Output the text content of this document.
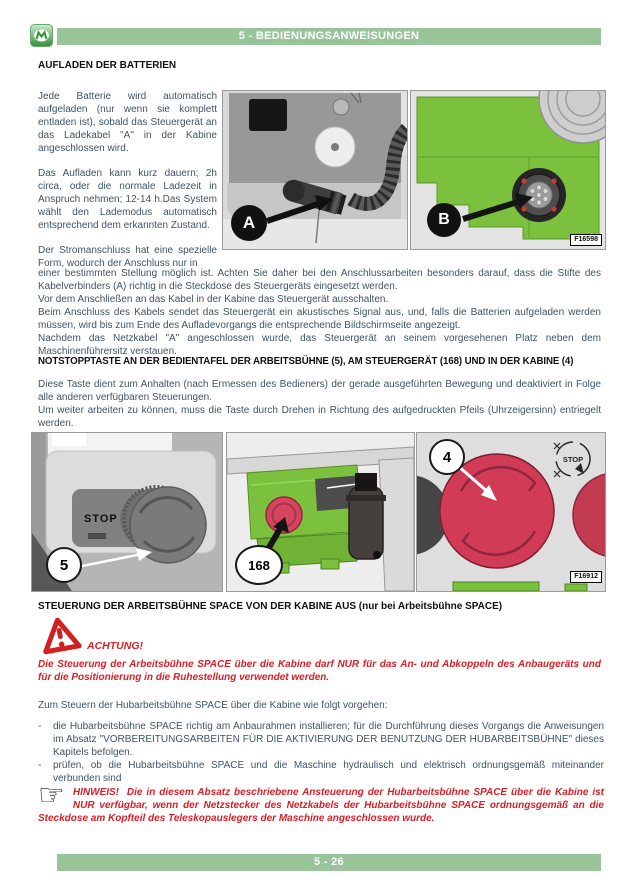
5 - BEDIENUNGSANWEISUNGEN
AUFLADEN DER BATTERIEN

Jede Batterie wird automatisch aufgeladen (nur wenn sie komplett entladen ist), sobald das Steuergerät an das Ladekabel "A" in der Kabine angeschlossen wird.

Das Aufladen kann kurz dauern; 2h circa, oder die normale Ladezeit in Anspruch nehmen; 12-14 h.Das System wählt den Lademodus automatisch entsprechend dem erkannten Zustand.

Der Stromanschluss hat eine spezielle Form, wodurch der Anschluss nur in

A	B
F16598
einer bestimmten Stellung möglich ist. Achten Sie daher bei den Anschlussarbeiten besonders darauf, dass die Stifte des Kabelverbinders (A) richtig in die Steckdose des Steuergeräts eingesetzt werden.
Vor dem Anschließen an das Kabel in der Kabine das Steuergerät ausschalten.
Beim Anschluss des Kabels sendet das Steuergerät ein akustisches Signal aus, und, falls die Batterien aufgeladen werden müssen, wird bis zum Ende des Aufladevorgangs die entsprechende Bildschirmseite angezeigt.
Nachdem das Netzkabel "A" angeschlossen wurde, das Steuergerät an seinem vorgesehenen Platz neben dem Maschinenführersitz verstauen.
NOTSTOPPTASTE AN DER BEDIENTAFEL DER ARBEITSBÜHNE (5), AM STEUERGERÄT (168) UND IN DER KABINE (4)
Diese Taste dient zum Anhalten (nach Ermessen des Bedieners) der gerade ausgeführten Bewegung und deaktiviert in Folge alle anderen verfügbaren Steuerungen.
Um weiter arbeiten zu können, muss die Taste durch Drehen in Richtung des aufgedruckten Pfeils (Uhrzeigersinn) entriegelt werden.
STOP
5	168
STOP
4
F16912
STEUERUNG DER ARBEITSBÜHNE SPACE VON DER KABINE AUS (nur bei Arbeitsbühne SPACE)
ACHTUNG!
Die Steuerung der Arbeitsbühne SPACE über die Kabine darf NUR für das An- und Abkoppeln des Anbaugeräts und für die Positionierung in die Ruhestellung verwendet werden.
Zum Steuern der Hubarbeitsbühne SPACE über die Kabine wie folgt vorgehen:
-	die Hubarbeitsbühne SPACE richtig am Anbaurahmen installieren; für die Durchführung dieses Vorgangs die Anweisungen im Absatz "VORBEREITUNGSARBEITEN FÜR DIE AKTIVIERUNG DER BENUTZUNG DER HUBARBEITSBÜHNE" dieses Kapitels befolgen.
-	prüfen, ob die Hubarbeitsbühne SPACE und die Maschine hydraulisch und elektrisch ordnungsgemäß miteinander verbunden sind
☞ HINWEIS! Die in diesem Absatz beschriebene Ansteuerung der Hubarbeitsbühne SPACE über die Kabine ist NUR verfügbar, wenn der Netzstecker des Netzkabels der Hubarbeitsbühne SPACE ordnungsgemäß an die Steckdose am Kopfteil des Teleskopauslegers der Maschine angeschlossen wurde.
5 - 26
